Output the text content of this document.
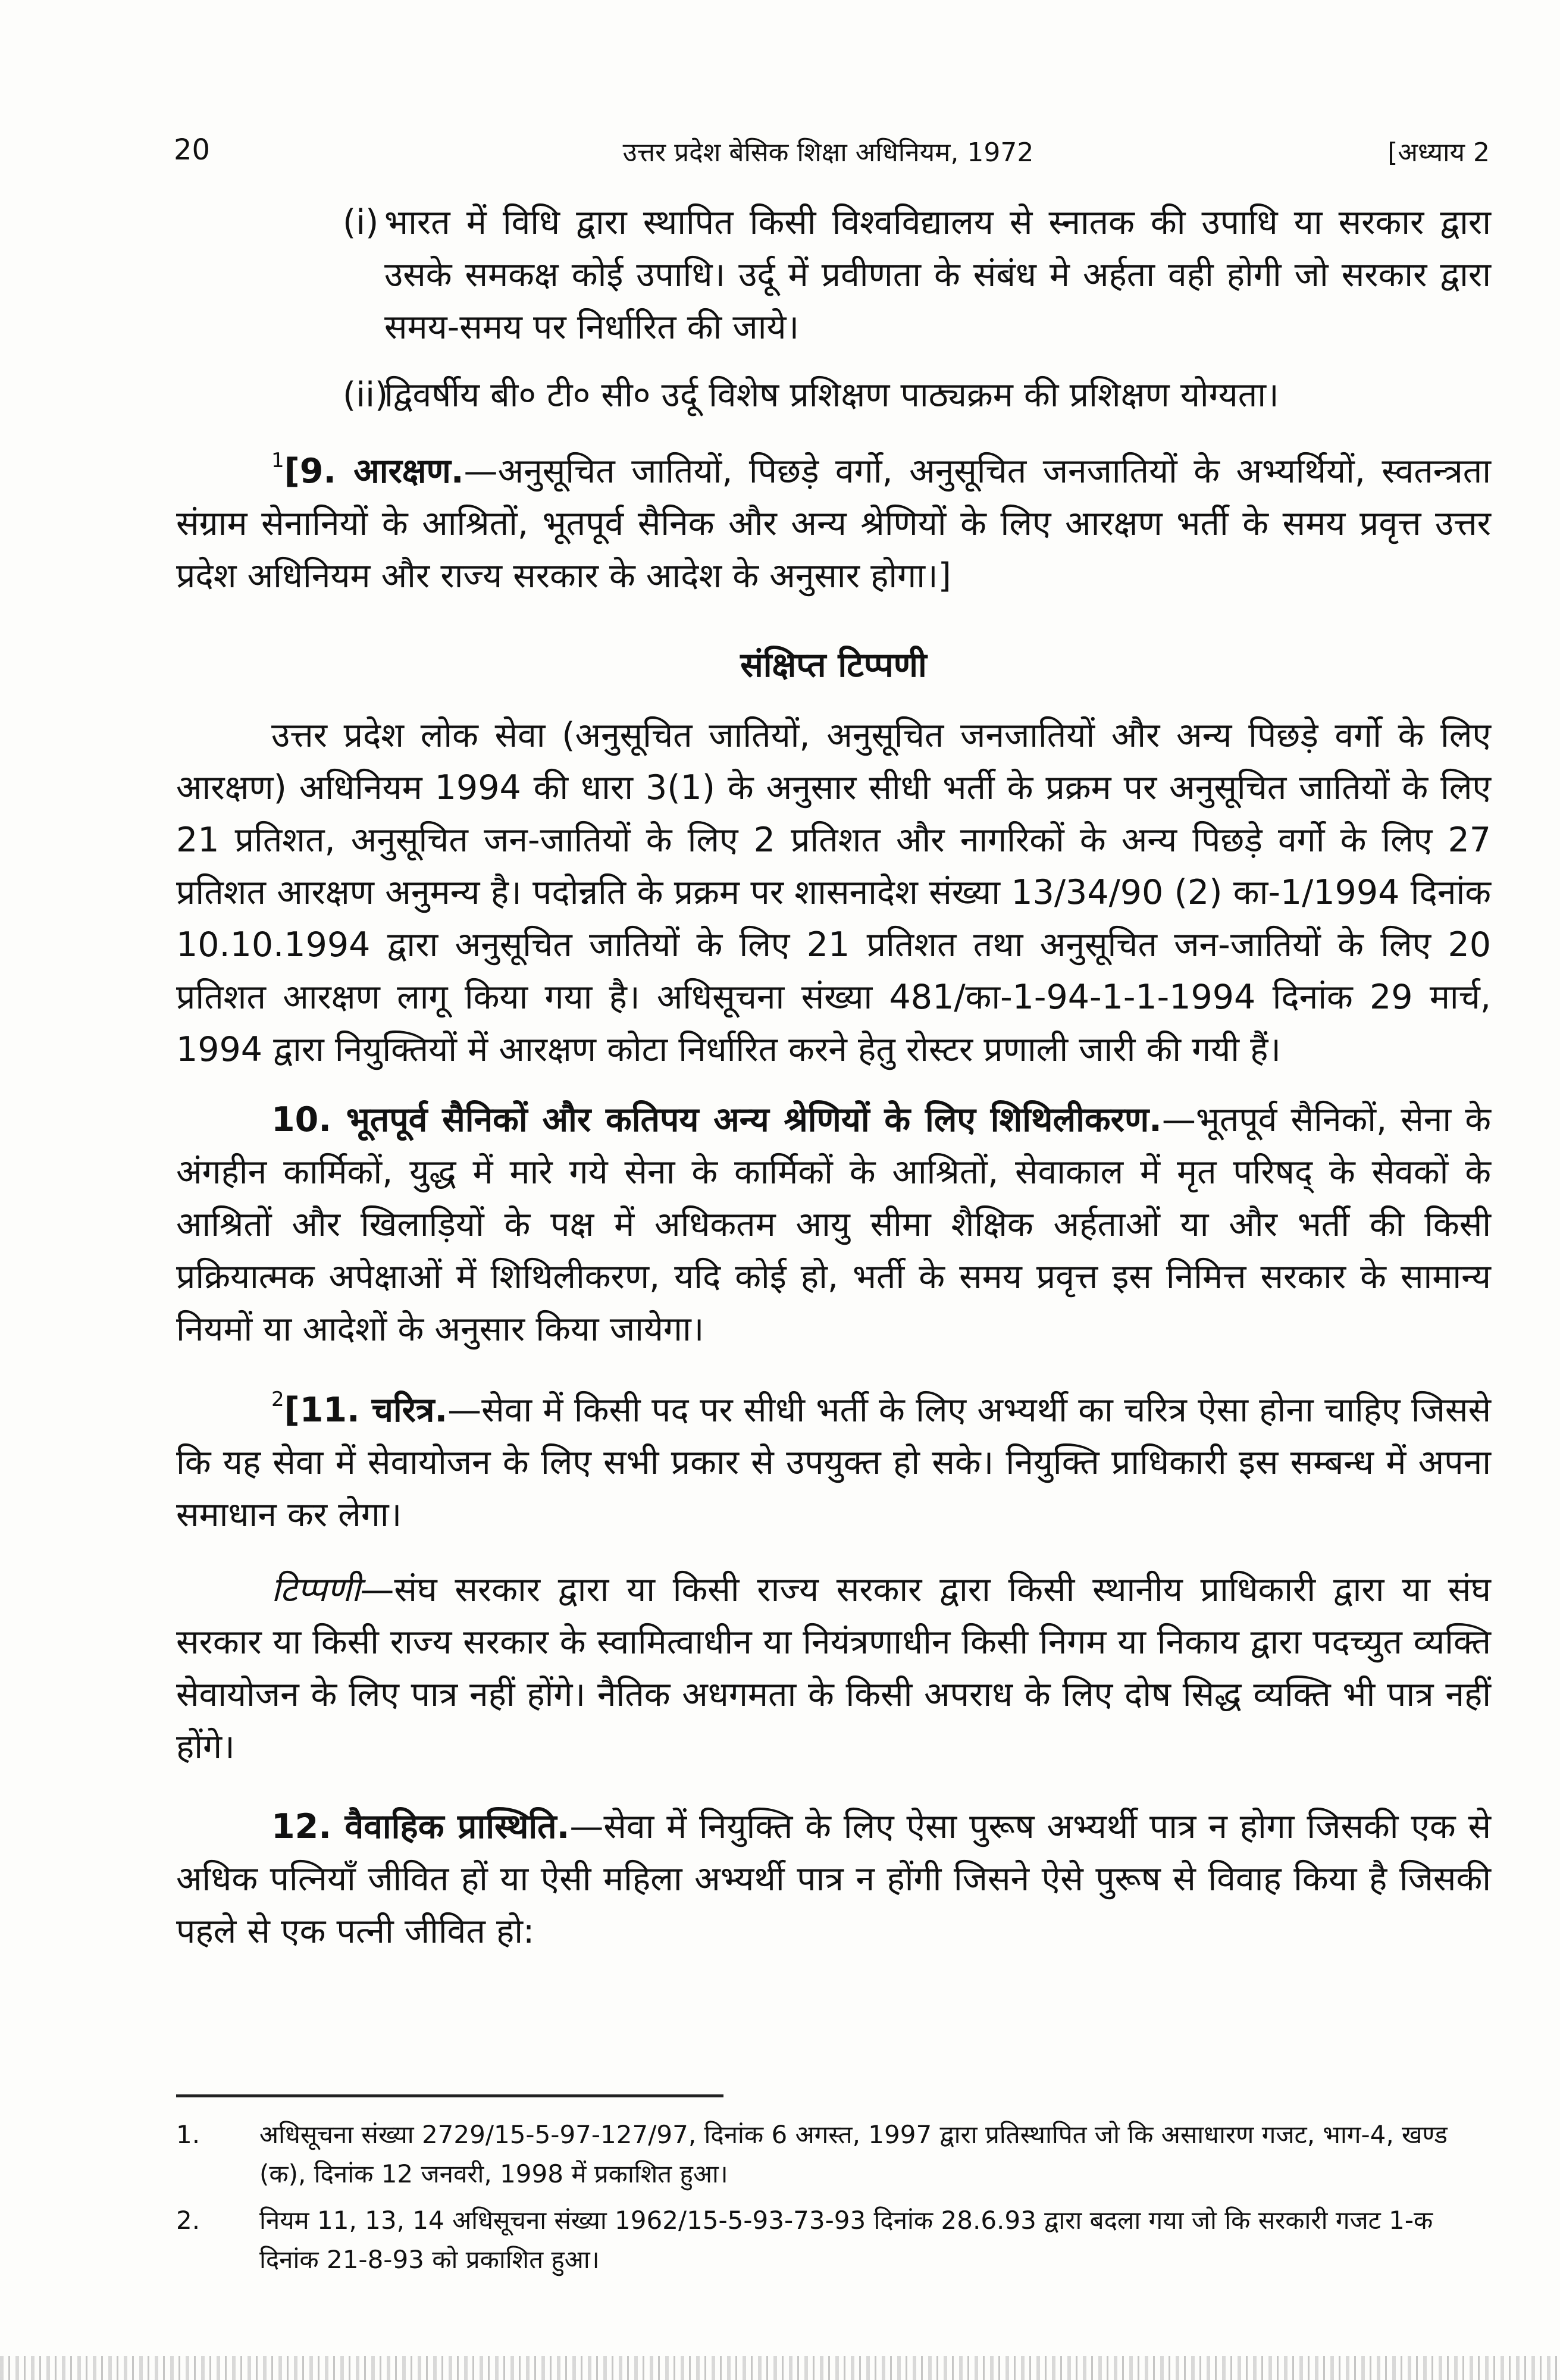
20	उत्तर प्रदेश बेसिक शिक्षा अधिनियम, 1972	[अध्याय 2

(i) भारत में विधि द्वारा स्थापित किसी विश्वविद्यालय से स्नातक की उपाधि या सरकार द्वारा उसके समकक्ष कोई उपाधि। उर्दू में प्रवीणता के संबंध मे अर्हता वही होगी जो सरकार द्वारा समय-समय पर निर्धारित की जाये।

(ii)द्विवर्षीय बी० टी० सी० उर्दू विशेष प्रशिक्षण पाठ्यक्रम की प्रशिक्षण योग्यता।

$^1$[9. आरक्षण.—अनुसूचित जातियों, पिछड़े वर्गो, अनुसूचित जनजातियों के अभ्यर्थियों, स्वतन्त्रता संग्राम सेनानियों के आश्रितों, भूतपूर्व सैनिक और अन्य श्रेणियों के लिए आरक्षण भर्ती के समय प्रवृत्त उत्तर प्रदेश अधिनियम और राज्य सरकार के आदेश के अनुसार होगा।]

संक्षिप्त टिप्पणी

उत्तर प्रदेश लोक सेवा (अनुसूचित जातियों, अनुसूचित जनजातियों और अन्य पिछड़े वर्गो के लिए आरक्षण) अधिनियम 1994 की धारा 3(1) के अनुसार सीधी भर्ती के प्रक्रम पर अनुसूचित जातियों के लिए 21 प्रतिशत, अनुसूचित जन-जातियों के लिए 2 प्रतिशत और नागरिकों के अन्य पिछड़े वर्गो के लिए 27 प्रतिशत आरक्षण अनुमन्य है। पदोन्नति के प्रक्रम पर शासनादेश संख्या 13/34/90 (2) का-1/1994 दिनांक 10.10.1994 द्वारा अनुसूचित जातियों के लिए 21 प्रतिशत तथा अनुसूचित जन-जातियों के लिए 20 प्रतिशत आरक्षण लागू किया गया है। अधिसूचना संख्या 481/का-1-94-1-1-1994 दिनांक 29 मार्च, 1994 द्वारा नियुक्तियों में आरक्षण कोटा निर्धारित करने हेतु रोस्टर प्रणाली जारी की गयी हैं।

10. भूतपूर्व सैनिकों और कतिपय अन्य श्रेणियों के लिए शिथिलीकरण.—भूतपूर्व सैनिकों, सेना के अंगहीन कार्मिकों, युद्ध में मारे गये सेना के कार्मिकों के आश्रितों, सेवाकाल में मृत परिषद् के सेवकों के आश्रितों और खिलाड़ियों के पक्ष में अधिकतम आयु सीमा शैक्षिक अर्हताओं या और भर्ती की किसी प्रक्रियात्मक अपेक्षाओं में शिथिलीकरण, यदि कोई हो, भर्ती के समय प्रवृत्त इस निमित्त सरकार के सामान्य नियमों या आदेशों के अनुसार किया जायेगा।

$^2$[11. चरित्र.—सेवा में किसी पद पर सीधी भर्ती के लिए अभ्यर्थी का चरित्र ऐसा होना चाहिए जिससे कि यह सेवा में सेवायोजन के लिए सभी प्रकार से उपयुक्त हो सके। नियुक्ति प्राधिकारी इस सम्बन्ध में अपना समाधान कर लेगा।

टिप्पणी—संघ सरकार द्वारा या किसी राज्य सरकार द्वारा किसी स्थानीय प्राधिकारी द्वारा या संघ सरकार या किसी राज्य सरकार के स्वामित्वाधीन या नियंत्रणाधीन किसी निगम या निकाय द्वारा पदच्युत व्यक्ति सेवायोजन के लिए पात्र नहीं होंगे। नैतिक अधगमता के किसी अपराध के लिए दोष सिद्ध व्यक्ति भी पात्र नहीं होंगे।

12. वैवाहिक प्रास्थिति.—सेवा में नियुक्ति के लिए ऐसा पुरूष अभ्यर्थी पात्र न होगा जिसकी एक से अधिक पत्नियाँ जीवित हों या ऐसी महिला अभ्यर्थी पात्र न होंगी जिसने ऐसे पुरूष से विवाह किया है जिसकी पहले से एक पत्नी जीवित हो:

1. अधिसूचना संख्या 2729/15-5-97-127/97, दिनांक 6 अगस्त, 1997 द्वारा प्रतिस्थापित जो कि असाधारण गजट, भाग-4, खण्ड (क), दिनांक 12 जनवरी, 1998 में प्रकाशित हुआ।

2. नियम 11, 13, 14 अधिसूचना संख्या 1962/15-5-93-73-93 दिनांक 28.6.93 द्वारा बदला गया जो कि सरकारी गजट 1-क दिनांक 21-8-93 को प्रकाशित हुआ।
